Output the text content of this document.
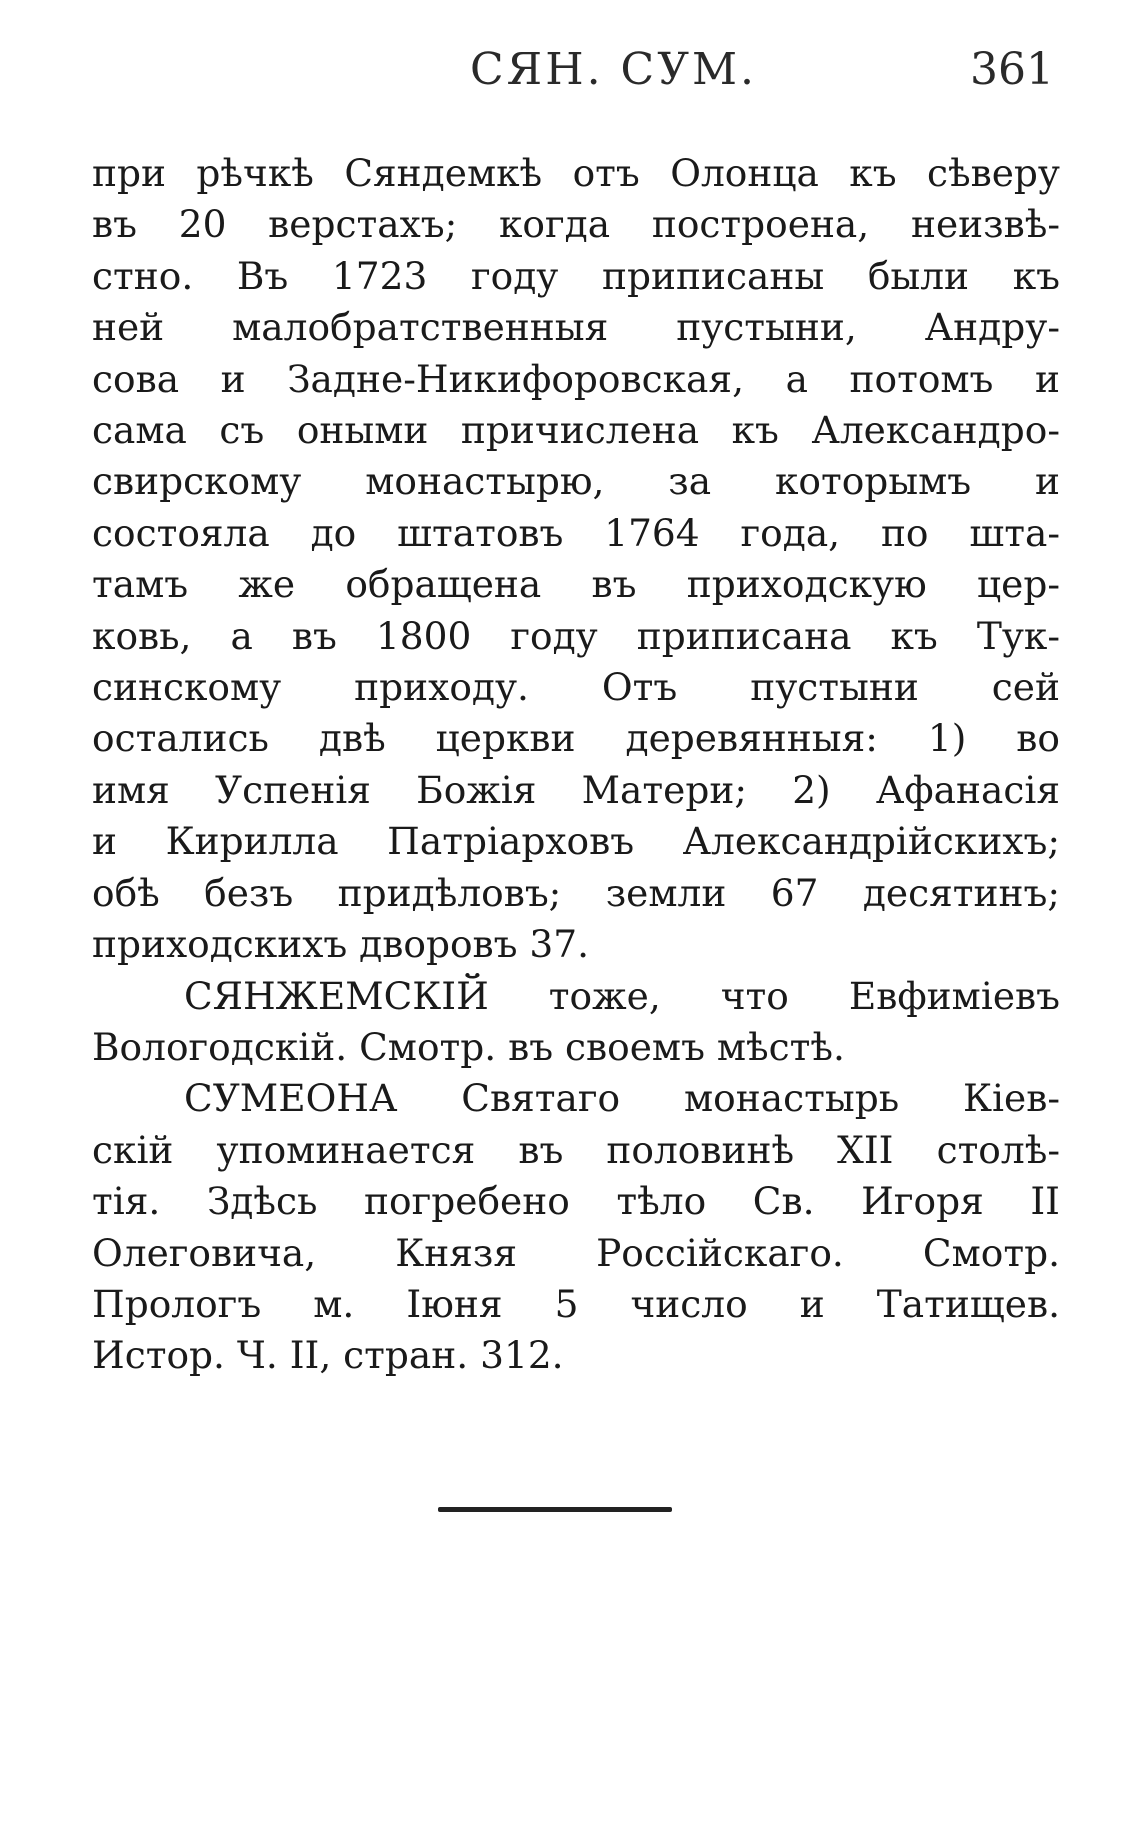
СЯН. СУМ.	361
при рѣчкѣ Сяндемкѣ отъ Олонца къ сѣверу
въ 20 верстахъ; когда построена, неизвѣ-
стно. Въ 1723 году приписаны были къ
ней малобратственныя пустыни, Андру-
сова и Задне-Никифоровская, а потомъ и
сама съ оными причислена къ Александро-
свирскому монастырю, за которымъ и
состояла до штатовъ 1764 года, по шта-
тамъ же обращена въ приходскую цер-
ковь, а въ 1800 году приписана къ Тук-
синскому приходу. Отъ пустыни сей
остались двѣ церкви деревянныя: 1) во
имя Успенія Божія Матери; 2) Афанасія
и Кирилла Патріарховъ Александрійскихъ;
обѣ безъ придѣловъ; земли 67 десятинъ;
приходскихъ дворовъ 37.
СЯНЖЕМСКІЙ тоже, что Евфиміевъ
Вологодскій. Смотр. въ своемъ мѣстѣ.
СУМЕОНА Святаго монастырь Кіев-
скій упоминается въ половинѣ XII столѣ-
тія. Здѣсь погребено тѣло Св. Игоря II
Олеговича, Князя Россійскаго. Смотр.
Прологъ м. Іюня 5 число и Татищев.
Истор. Ч. II, стран. 312.
